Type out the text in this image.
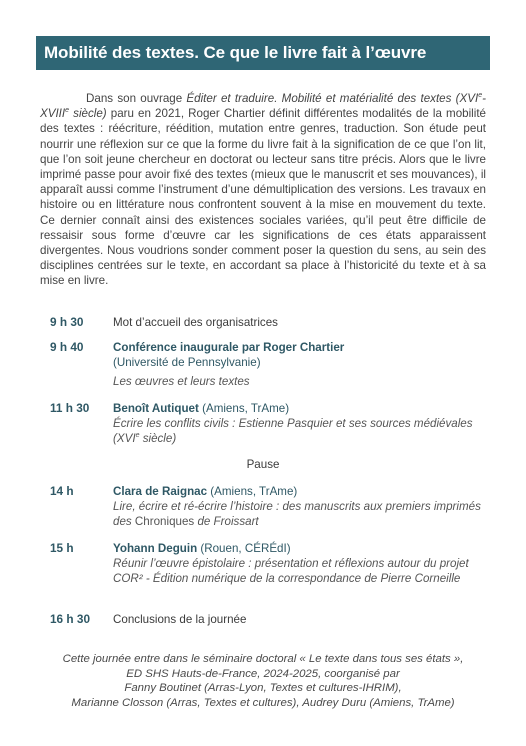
Mobilité des textes. Ce que le livre fait à l’œuvre
Dans son ouvrage Éditer et traduire. Mobilité et matérialité des textes (XVIe-XVIIIe siècle) paru en 2021, Roger Chartier définit différentes modalités de la mobilité des textes : réécriture, réédition, mutation entre genres, traduction. Son étude peut nourrir une réflexion sur ce que la forme du livre fait à la signification de ce que l’on lit, que l’on soit jeune chercheur en doctorat ou lecteur sans titre précis. Alors que le livre imprimé passe pour avoir fixé des textes (mieux que le manuscrit et ses mouvances), il apparaît aussi comme l’instrument d’une démultiplication des versions. Les travaux en histoire ou en littérature nous confrontent souvent à la mise en mouvement du texte. Ce dernier connaît ainsi des existences sociales variées, qu’il peut être difficile de ressaisir sous forme d’œuvre car les significations de ces états apparaissent divergentes. Nous voudrions sonder comment poser la question du sens, au sein des disciplines centrées sur le texte, en accordant sa place à l’historicité du texte et à sa mise en livre.
9 h 30	Mot d’accueil des organisatrices
9 h 40	Conférence inaugurale par Roger Chartier
(Université de Pennsylvanie)
Les œuvres et leurs textes
11 h 30 Benoît Autiquet (Amiens, TrAme)
Écrire les conflits civils : Estienne Pasquier et ses sources médiévales (XVIe siècle)
Pause
14 h	Clara de Raignac (Amiens, TrAme)
Lire, écrire et ré-écrire l’histoire : des manuscrits aux premiers imprimés des Chroniques de Froissart
15 h	Yohann Deguin (Rouen, CÉRÉdI)
Réunir l’œuvre épistolaire : présentation et réflexions autour du projet COR² - Édition numérique de la correspondance de Pierre Corneille
16 h 30 Conclusions de la journée
Cette journée entre dans le séminaire doctoral « Le texte dans tous ses états »,
ED SHS Hauts-de-France, 2024-2025, coorganisé par
Fanny Boutinet (Arras-Lyon, Textes et cultures-IHRIM),
Marianne Closson (Arras, Textes et cultures), Audrey Duru (Amiens, TrAme)
